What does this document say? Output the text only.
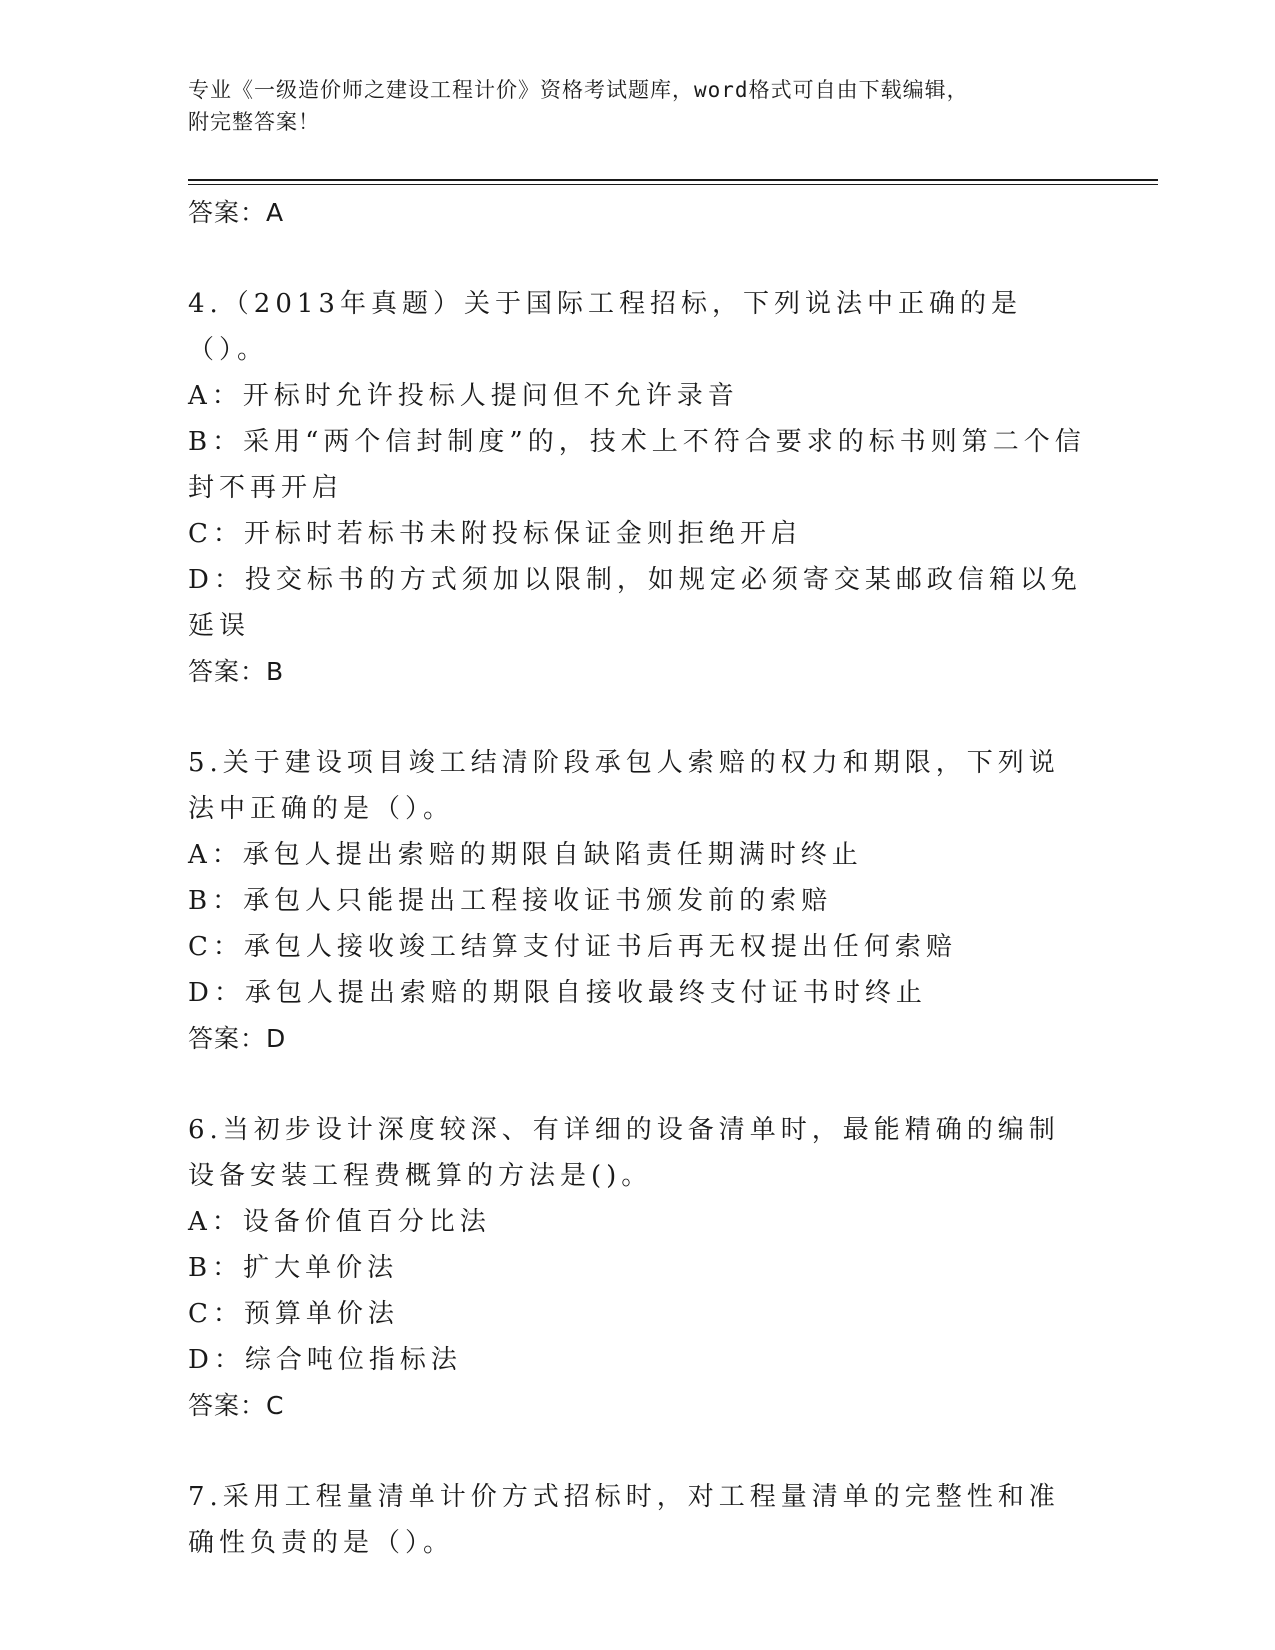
专业《一级造价师之建设工程计价》资格考试题库，word格式可自由下载编辑，
附完整答案！
答案：A
4.（2013年真题）关于国际工程招标，下列说法中正确的是（）。
A：开标时允许投标人提问但不允许录音
B：采用“两个信封制度”的，技术上不符合要求的标书则第二个信封不再开启
C：开标时若标书未附投标保证金则拒绝开启
D：投交标书的方式须加以限制，如规定必须寄交某邮政信箱以免延误
答案：B
5.关于建设项目竣工结清阶段承包人索赔的权力和期限，下列说法中正确的是（）。
A：承包人提出索赔的期限自缺陷责任期满时终止
B：承包人只能提出工程接收证书颁发前的索赔
C：承包人接收竣工结算支付证书后再无权提出任何索赔
D：承包人提出索赔的期限自接收最终支付证书时终止
答案：D
6.当初步设计深度较深、有详细的设备清单时，最能精确的编制设备安装工程费概算的方法是()。
A：设备价值百分比法
B：扩大单价法
C：预算单价法
D：综合吨位指标法
答案：C
7.采用工程量清单计价方式招标时，对工程量清单的完整性和准确性负责的是（）。
